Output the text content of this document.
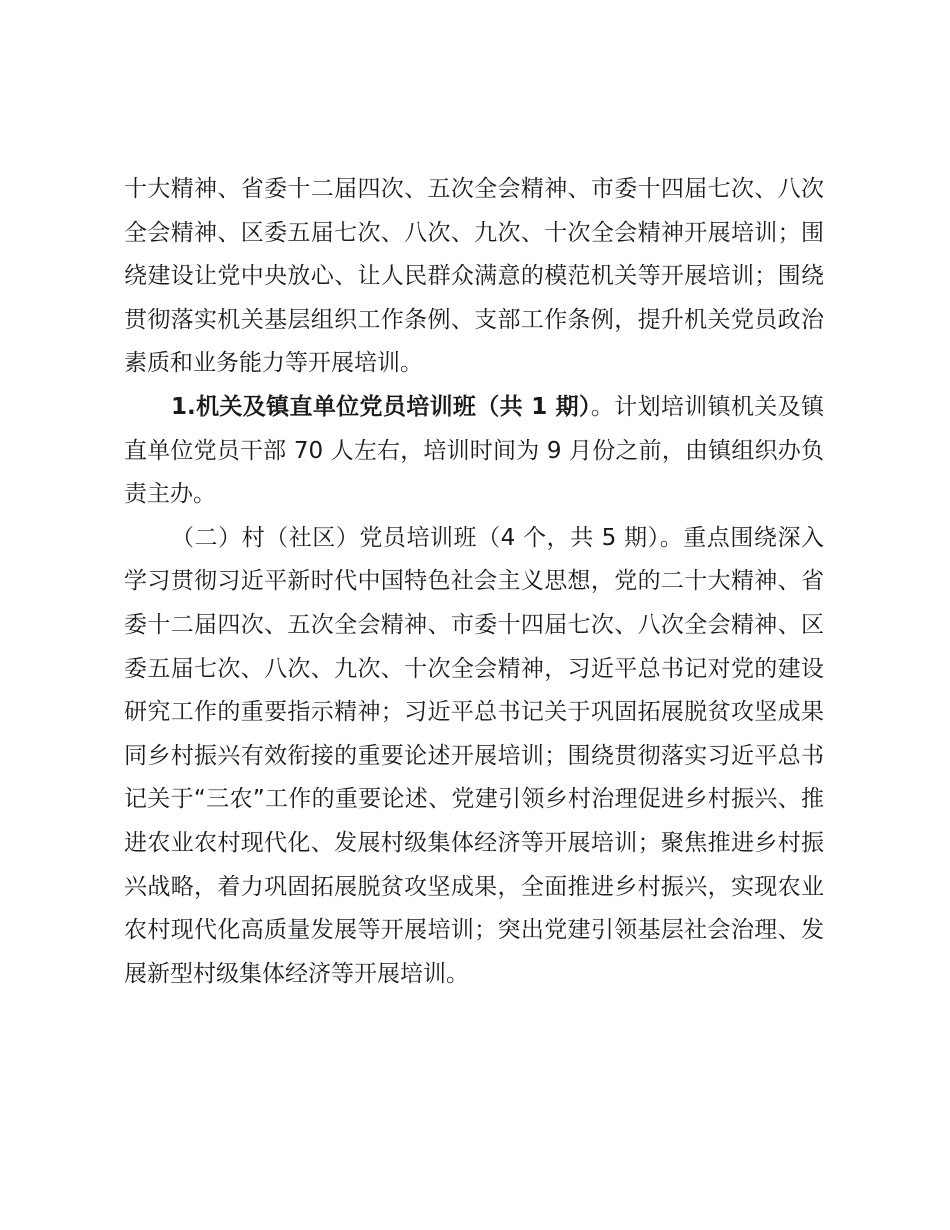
十大精神、省委十二届四次、五次全会精神、市委十四届七次、八次全会精神、区委五届七次、八次、九次、十次全会精神开展培训；围绕建设让党中央放心、让人民群众满意的模范机关等开展培训；围绕贯彻落实机关基层组织工作条例、支部工作条例，提升机关党员政治素质和业务能力等开展培训。

1.机关及镇直单位党员培训班（共 1 期）。计划培训镇机关及镇直单位党员干部 70 人左右，培训时间为 9 月份之前，由镇组织办负责主办。

（二）村（社区）党员培训班（4 个，共 5 期）。重点围绕深入学习贯彻习近平新时代中国特色社会主义思想，党的二十大精神、省委十二届四次、五次全会精神、市委十四届七次、八次全会精神、区委五届七次、八次、九次、十次全会精神，习近平总书记对党的建设研究工作的重要指示精神；习近平总书记关于巩固拓展脱贫攻坚成果同乡村振兴有效衔接的重要论述开展培训；围绕贯彻落实习近平总书记关于“三农”工作的重要论述、党建引领乡村治理促进乡村振兴、推进农业农村现代化、发展村级集体经济等开展培训；聚焦推进乡村振兴战略，着力巩固拓展脱贫攻坚成果，全面推进乡村振兴，实现农业农村现代化高质量发展等开展培训；突出党建引领基层社会治理、发展新型村级集体经济等开展培训。
